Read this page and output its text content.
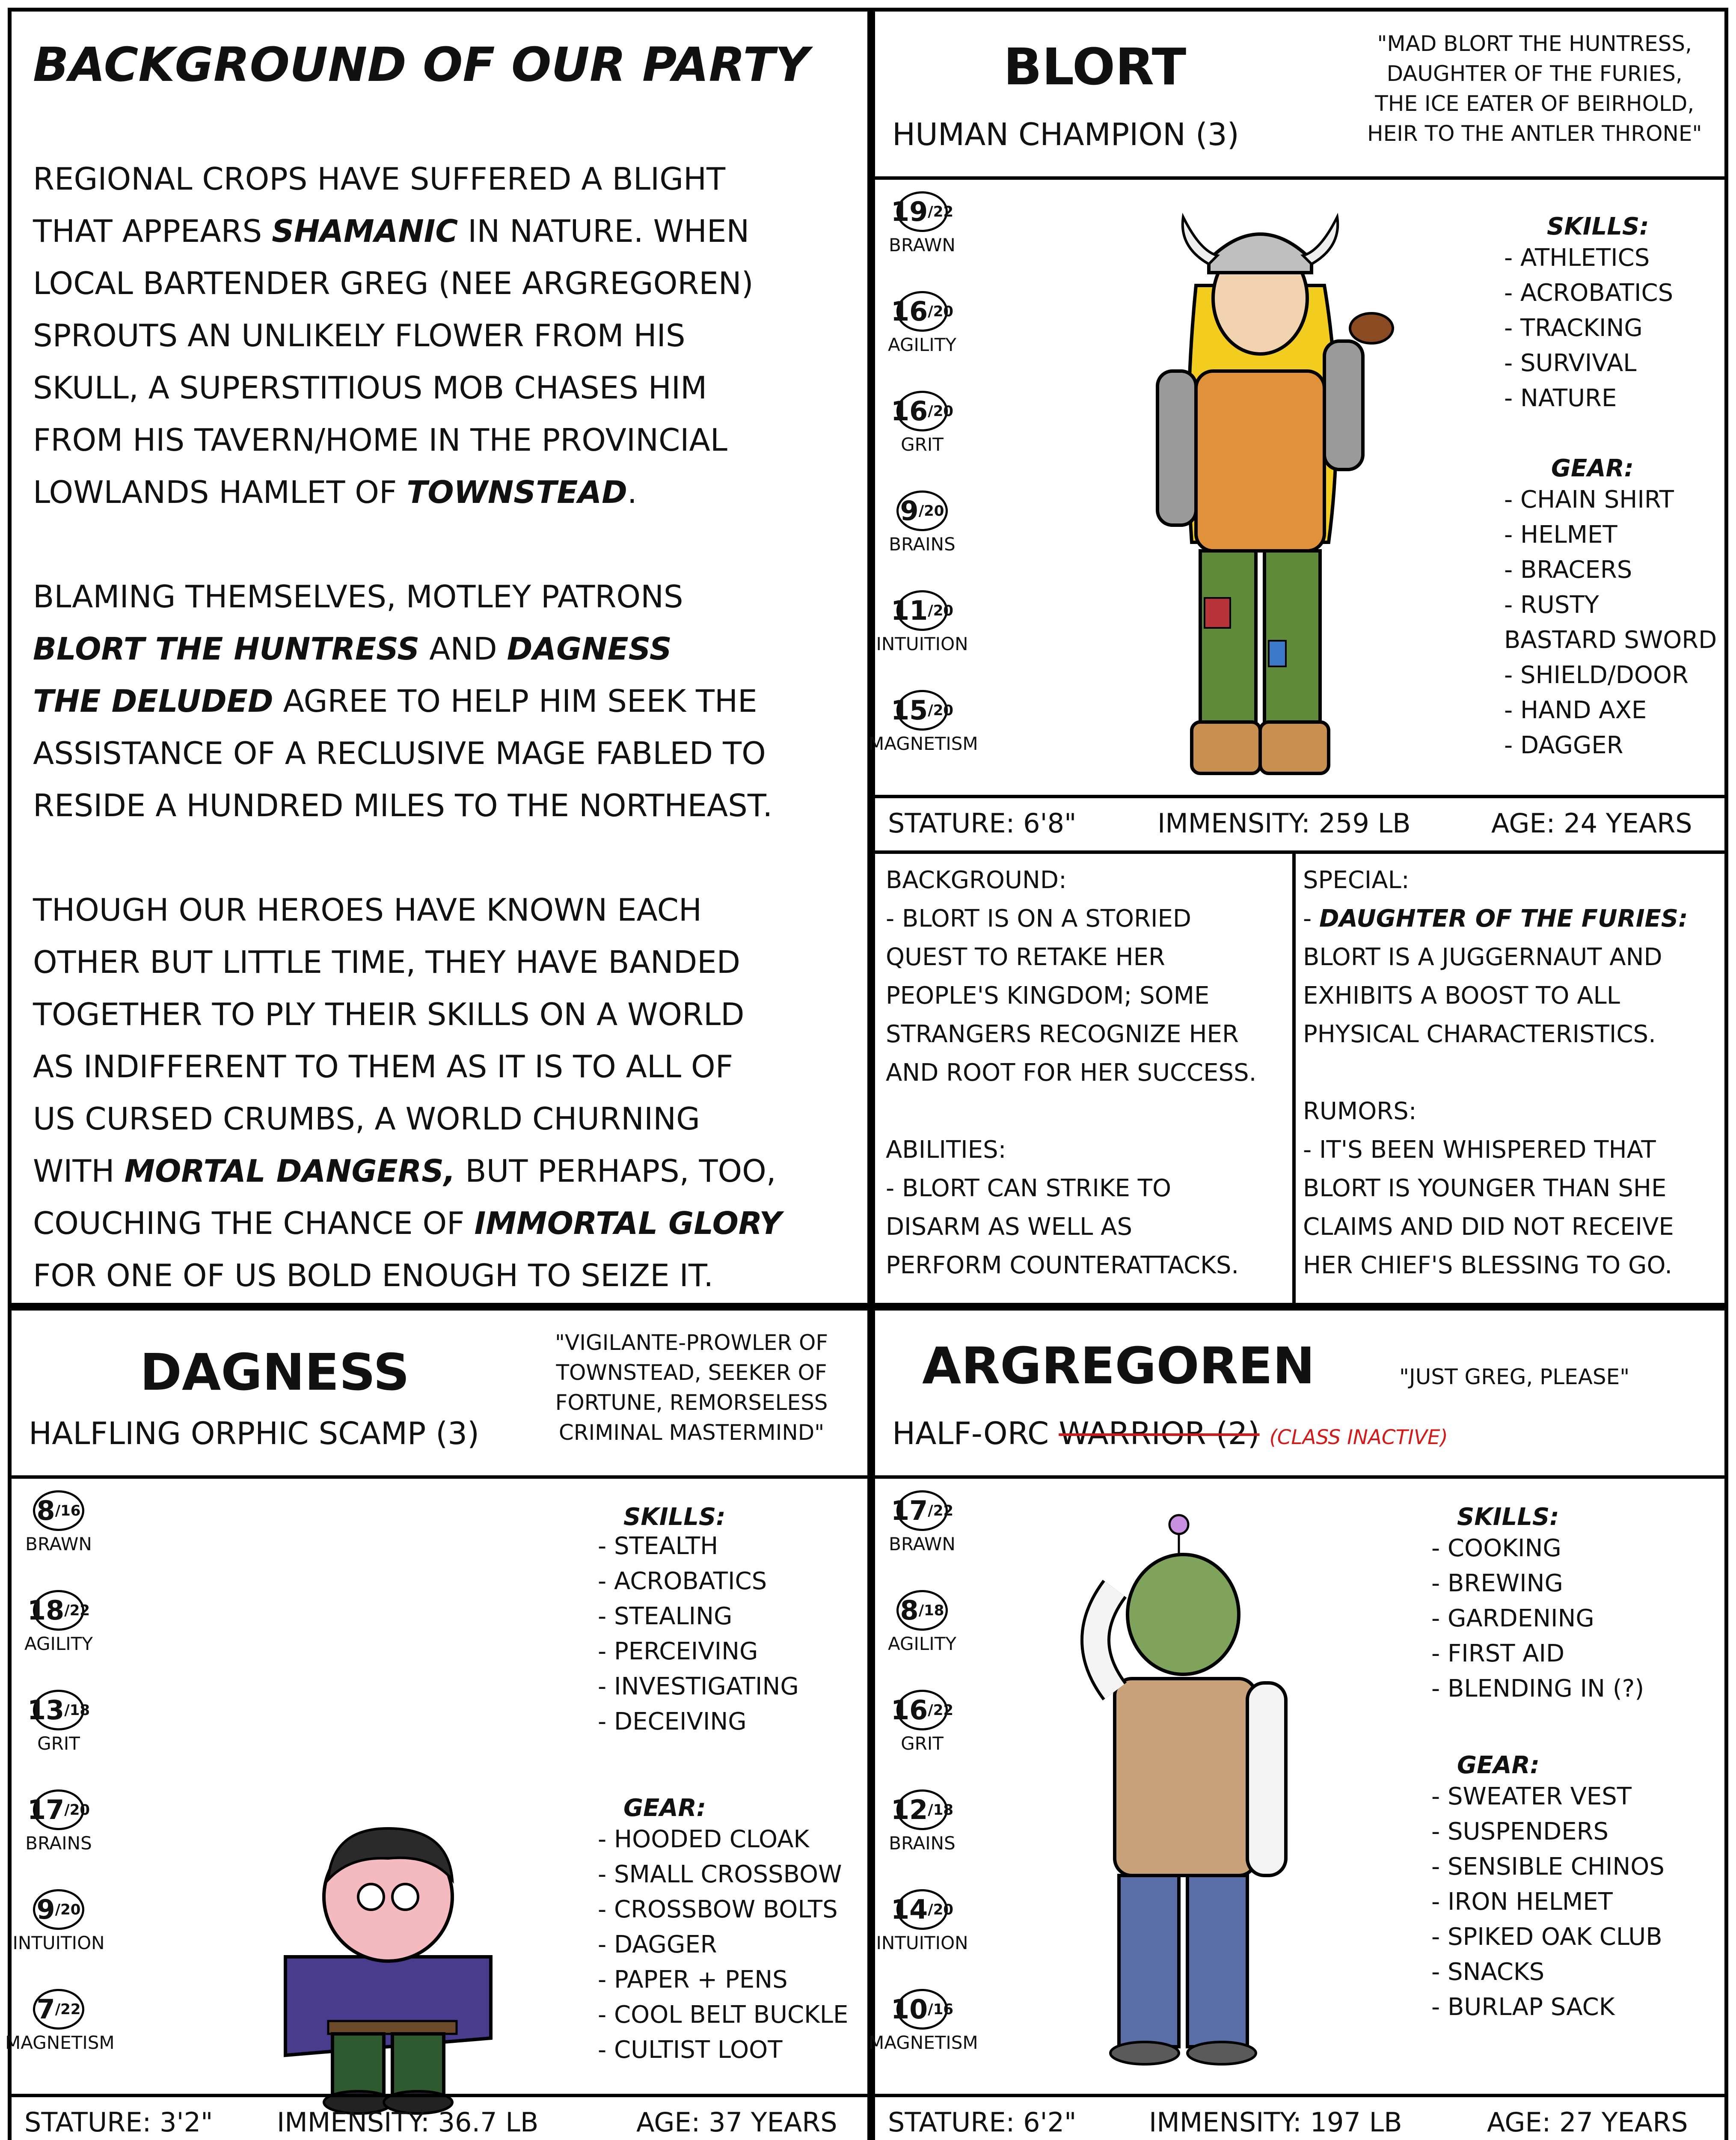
BACKGROUND OF OUR PARTY
REGIONAL CROPS HAVE SUFFERED A BLIGHT
THAT APPEARS SHAMANIC IN NATURE. WHEN
LOCAL BARTENDER GREG (NEE ARGREGOREN)
SPROUTS AN UNLIKELY FLOWER FROM HIS
SKULL, A SUPERSTITIOUS MOB CHASES HIM
FROM HIS TAVERN/HOME IN THE PROVINCIAL
LOWLANDS HAMLET OF TOWNSTEAD.

BLAMING THEMSELVES, MOTLEY PATRONS
BLORT THE HUNTRESS AND DAGNESS
THE DELUDED AGREE TO HELP HIM SEEK THE
ASSISTANCE OF A RECLUSIVE MAGE FABLED TO
RESIDE A HUNDRED MILES TO THE NORTHEAST.

THOUGH OUR HEROES HAVE KNOWN EACH
OTHER BUT LITTLE TIME, THEY HAVE BANDED
TOGETHER TO PLY THEIR SKILLS ON A WORLD
AS INDIFFERENT TO THEM AS IT IS TO ALL OF
US CURSED CRUMBS, A WORLD CHURNING
WITH MORTAL DANGERS, BUT PERHAPS, TOO,
COUCHING THE CHANCE OF IMMORTAL GLORY
FOR ONE OF US BOLD ENOUGH TO SEIZE IT.
BLORT
HUMAN CHAMPION (3)
"MAD BLORT THE HUNTRESS,
DAUGHTER OF THE FURIES,
THE ICE EATER OF BEIRHOLD,
HEIR TO THE ANTLER THRONE"
19 / 22
BRAWN
16 / 20
AGILITY
16 / 20
GRIT
9 / 20
BRAINS
11 / 20
INTUITION
15 / 20
MAGNETISM
SKILLS:
- ATHLETICS
- ACROBATICS
- TRACKING
- SURVIVAL
- NATURE
GEAR:
- CHAIN SHIRT
- HELMET
- BRACERS
- RUSTY
BASTARD SWORD
- SHIELD/DOOR
- HAND AXE
- DAGGER
STATURE: 6'8"	IMMENSITY: 259 LB	AGE: 24 YEARS
BACKGROUND:
- BLORT IS ON A STORIED
QUEST TO RETAKE HER
PEOPLE'S KINGDOM; SOME
STRANGERS RECOGNIZE HER
AND ROOT FOR HER SUCCESS.

ABILITIES:
- BLORT CAN STRIKE TO
DISARM AS WELL AS
PERFORM COUNTERATTACKS.
SPECIAL:
- DAUGHTER OF THE FURIES:
BLORT IS A JUGGERNAUT AND
EXHIBITS A BOOST TO ALL
PHYSICAL CHARACTERISTICS.

RUMORS:
- IT'S BEEN WHISPERED THAT
BLORT IS YOUNGER THAN SHE
CLAIMS AND DID NOT RECEIVE
HER CHIEF'S BLESSING TO GO.
DAGNESS
HALFLING ORPHIC SCAMP (3)
"VIGILANTE-PROWLER OF
TOWNSTEAD, SEEKER OF
FORTUNE, REMORSELESS
CRIMINAL MASTERMIND"
8 / 16
BRAWN
18 / 22
AGILITY
13 / 18
GRIT
17 / 20
BRAINS
9 / 20
INTUITION
7 / 22
MAGNETISM
SKILLS:
- STEALTH
- ACROBATICS
- STEALING
- PERCEIVING
- INVESTIGATING
- DECEIVING
GEAR:
- HOODED CLOAK
- SMALL CROSSBOW
- CROSSBOW BOLTS
- DAGGER
- PAPER + PENS
- COOL BELT BUCKLE
- CULTIST LOOT
STATURE: 3'2" IMMENSITY: 36.7 LB	AGE: 37 YEARS

ARGREGOREN
HALF-ORC WARRIOR (2) (CLASS INACTIVE)
"JUST GREG, PLEASE"
17 / 22
BRAWN
8 / 18
AGILITY
16 / 22
GRIT
12 / 18
BRAINS
14 / 20
INTUITION
10 / 16
MAGNETISM
SKILLS:
- COOKING
- BREWING
- GARDENING
- FIRST AID
- BLENDING IN (?)
GEAR:
- SWEATER VEST
- SUSPENDERS
- SENSIBLE CHINOS
- IRON HELMET
- SPIKED OAK CLUB
- SNACKS
- BURLAP SACK
STATURE: 6'2"	IMMENSITY: 197 LB	AGE: 27 YEARS
